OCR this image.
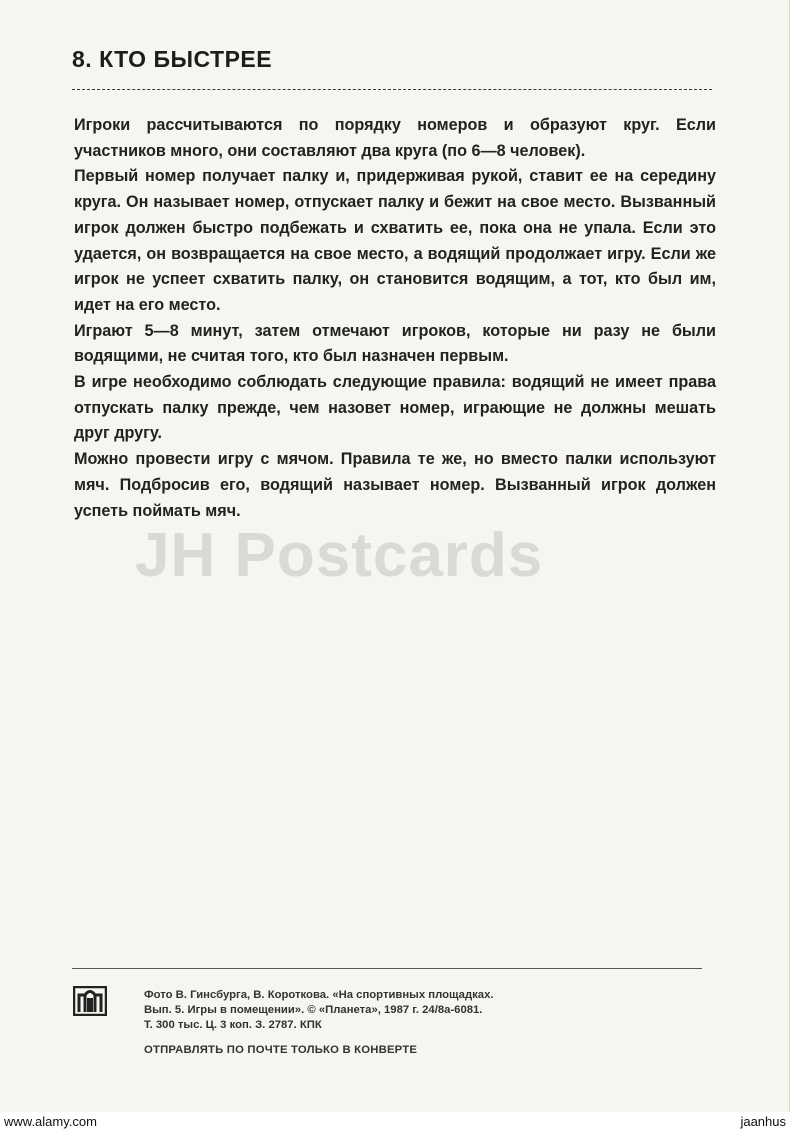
8. КТО БЫСТРЕЕ

Игроки рассчитываются по порядку номеров и образуют круг. Если участников много, они составляют два круга (по 6—8 человек).

Первый номер получает палку и, придерживая рукой, ставит ее на середину круга. Он называет номер, отпускает палку и бежит на свое место. Вызванный игрок должен быстро подбежать и схватить ее, пока она не упала. Если это удается, он возвращается на свое место, а водящий продолжает игру. Если же игрок не успеет схватить палку, он становится водящим, а тот, кто был им, идет на его место.

Играют 5—8 минут, затем отмечают игроков, которые ни разу не были водящими, не считая того, кто был назначен первым.

В игре необходимо соблюдать следующие правила: водящий не имеет права отпускать палку прежде, чем назовет номер, играющие не должны мешать друг другу.

Можно провести игру с мячом. Правила те же, но вместо палки используют мяч. Подбросив его, водящий называет номер. Вызванный игрок должен успеть поймать мяч.

JH Postcards
Фото В. Гинсбурга, В. Короткова. «На спортивных площадках.
Вып. 5. Игры в помещении». © «Планета», 1987 г. 24/8а-6081.
Т. 300 тыс. Ц. 3 коп. З. 2787. КПК
ОТПРАВЛЯТЬ ПО ПОЧТЕ ТОЛЬКО В КОНВЕРТЕ
www.alamy.com	jaanhus
